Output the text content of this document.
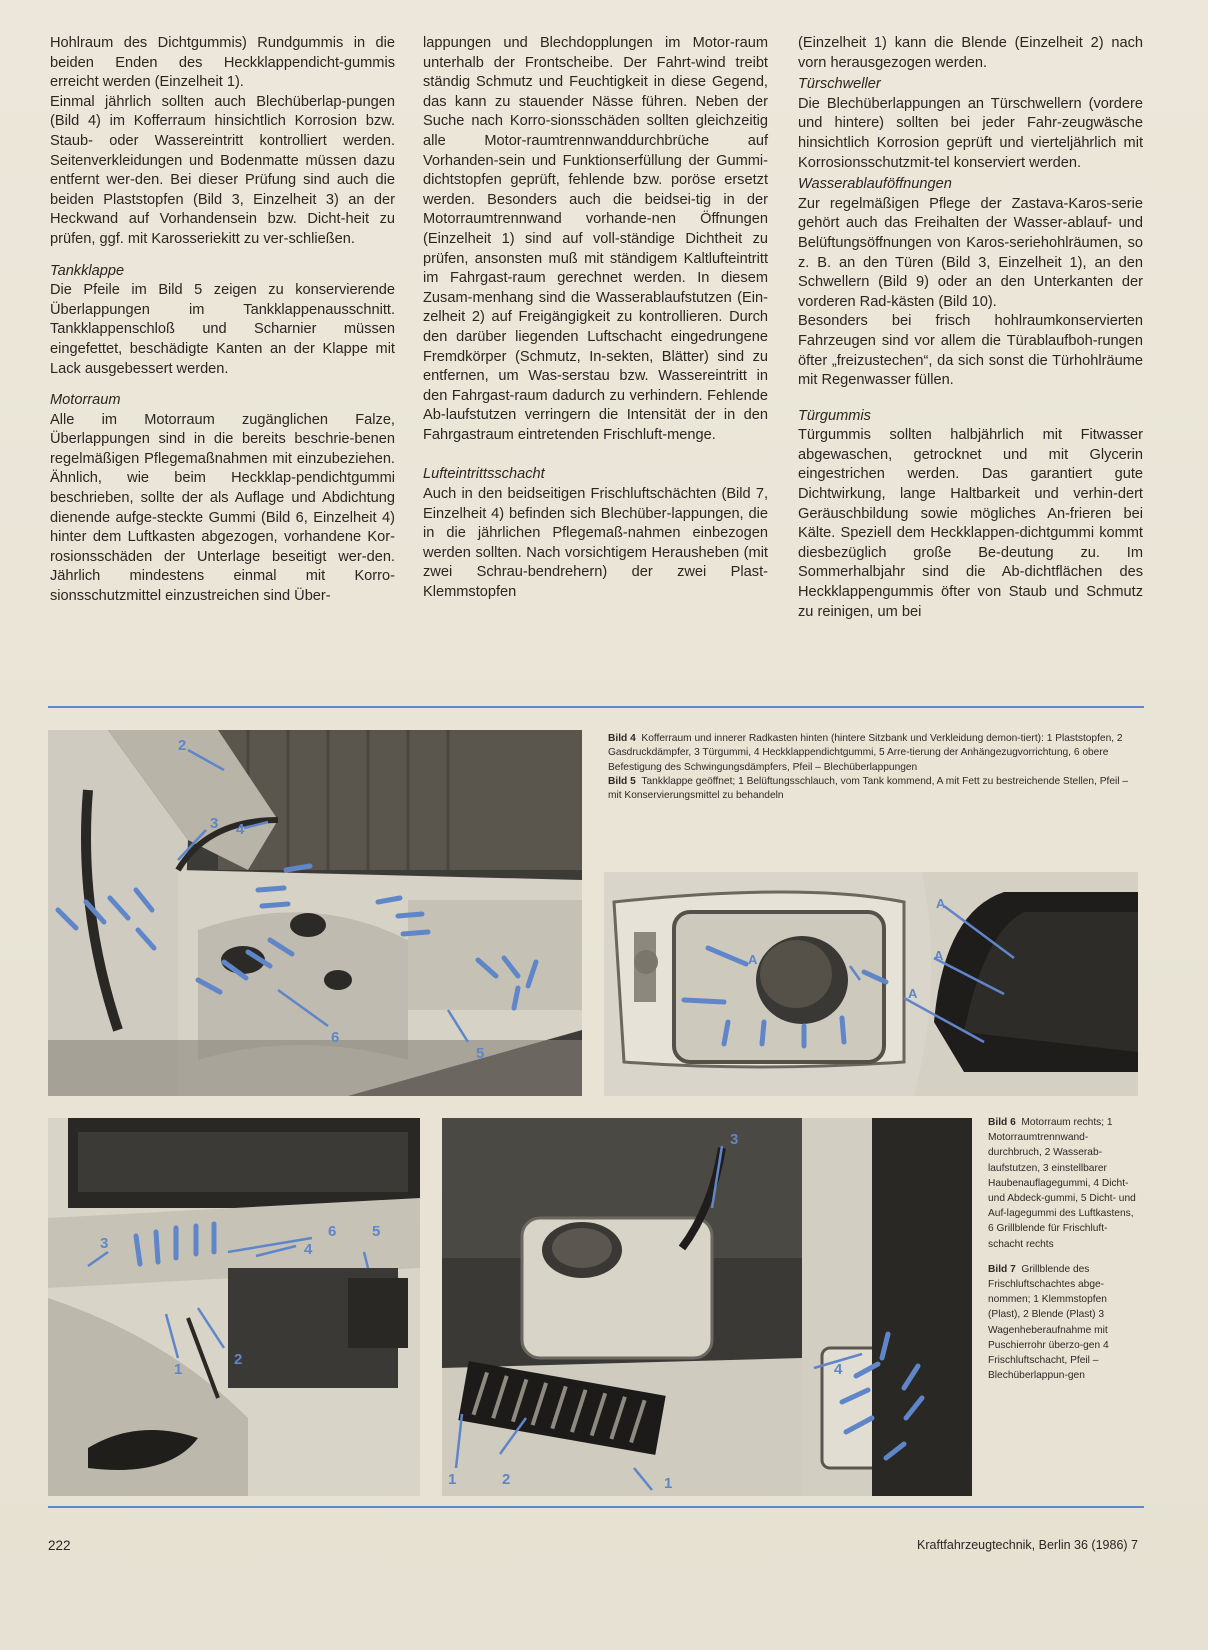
Hohlraum des Dichtgummis) Rundgummis in die beiden Enden des Heckklappendicht-gummis erreicht werden (Einzelheit 1).

Einmal jährlich sollten auch Blechüberlap-pungen (Bild 4) im Kofferraum hinsichtlich Korrosion bzw. Staub- oder Wassereintritt kontrolliert werden. Seitenverkleidungen und Bodenmatte müssen dazu entfernt wer-den. Bei dieser Prüfung sind auch die beiden Plaststopfen (Bild 3, Einzelheit 3) an der Heckwand auf Vorhandensein bzw. Dicht-heit zu prüfen, ggf. mit Karosseriekitt zu ver-schließen.

Tankklappe

Die Pfeile im Bild 5 zeigen zu konservierende Überlappungen im Tankklappenausschnitt. Tankklappenschloß und Scharnier müssen eingefettet, beschädigte Kanten an der Klappe mit Lack ausgebessert werden.

Motorraum

Alle im Motorraum zugänglichen Falze, Überlappungen sind in die bereits beschrie-benen regelmäßigen Pflegemaßnahmen mit einzubeziehen. Ähnlich, wie beim Heckklap-pendichtgummi beschrieben, sollte der als Auflage und Abdichtung dienende aufge-steckte Gummi (Bild 6, Einzelheit 4) hinter dem Luftkasten abgezogen, vorhandene Kor-rosionsschäden der Unterlage beseitigt wer-den. Jährlich mindestens einmal mit Korro-sionsschutzmittel einzustreichen sind Über-

lappungen und Blechdopplungen im Motor-raum unterhalb der Frontscheibe. Der Fahrt-wind treibt ständig Schmutz und Feuchtigkeit in diese Gegend, das kann zu stauender Nässe führen. Neben der Suche nach Korro-sionsschäden sollten gleichzeitig alle Motor-raumtrennwanddurchbrüche auf Vorhanden-sein und Funktionserfüllung der Gummi-dichtstopfen geprüft, fehlende bzw. poröse ersetzt werden. Besonders auch die beidsei-tig in der Motorraumtrennwand vorhande-nen Öffnungen (Einzelheit 1) sind auf voll-ständige Dichtheit zu prüfen, ansonsten muß mit ständigem Kaltlufteintritt im Fahrgast-raum gerechnet werden. In diesem Zusam-menhang sind die Wasserablaufstutzen (Ein-zelheit 2) auf Freigängigkeit zu kontrollieren. Durch den darüber liegenden Luftschacht eingedrungene Fremdkörper (Schmutz, In-sekten, Blätter) sind zu entfernen, um Was-serstau bzw. Wassereintritt in den Fahrgast-raum dadurch zu verhindern. Fehlende Ab-laufstutzen verringern die Intensität der in den Fahrgastraum eintretenden Frischluft-menge.

Lufteintrittsschacht

Auch in den beidseitigen Frischluftschächten (Bild 7, Einzelheit 4) befinden sich Blechüber-lappungen, die in die jährlichen Pflegemaß-nahmen einbezogen werden sollten. Nach vorsichtigem Herausheben (mit zwei Schrau-bendrehern) der zwei Plast-Klemmstopfen

(Einzelheit 1) kann die Blende (Einzelheit 2) nach vorn herausgezogen werden.

Türschweller

Die Blechüberlappungen an Türschwellern (vordere und hintere) sollten bei jeder Fahr-zeugwäsche hinsichtlich Korrosion geprüft und vierteljährlich mit Korrosionsschutzmit-tel konserviert werden.

Wasserablauföffnungen

Zur regelmäßigen Pflege der Zastava-Karos-serie gehört auch das Freihalten der Wasser-ablauf- und Belüftungsöffnungen von Karos-seriehohlräumen, so z. B. an den Türen (Bild 3, Einzelheit 1), an den Schwellern (Bild 9) oder an den Unterkanten der vorderen Rad-kästen (Bild 10).

Besonders bei frisch hohlraumkonservierten Fahrzeugen sind vor allem die Türablaufboh-rungen öfter „freizustechen“, da sich sonst die Türhohlräume mit Regenwasser füllen.

Türgummis

Türgummis sollten halbjährlich mit Fitwasser abgewaschen, getrocknet und mit Glycerin eingestrichen werden. Das garantiert gute Dichtwirkung, lange Haltbarkeit und verhin-dert Geräuschbildung sowie mögliches An-frieren bei Kälte. Speziell dem Heckklappen-dichtgummi kommt diesbezüglich große Be-deutung zu. Im Sommerhalbjahr sind die Ab-dichtflächen des Heckklappengummis öfter von Staub und Schmutz zu reinigen, um bei

2
4
3
6
5

Bild 4 Kofferraum und innerer Radkasten hinten (hintere Sitzbank und Verkleidung demon-tiert): 1 Plaststopfen, 2 Gasdruckdämpfer, 3 Türgummi, 4 Heckklappendichtgummi, 5 Arre-tierung der Anhängezugvorrichtung, 6 obere Befestigung des Schwingungsdämpfers, Pfeil – Blechüberlappungen

Bild 5 Tankklappe geöffnet; 1 Belüftungsschlauch, vom Tank kommend, A mit Fett zu bestreichende Stellen, Pfeil – mit Konservierungsmittel zu behandeln

A
A
A
A
3
6 5
4
1
2
3
4
1	2	1

Bild 6 Motorraum rechts; 1 Motorraumtrennwand-durchbruch, 2 Wasserab-laufstutzen, 3 einstellbarer Haubenauflagegummi, 4 Dicht- und Abdeck-gummi, 5 Dicht- und Auf-lagegummi des Luftkastens, 6 Grillblende für Frischluft-schacht rechts

Bild 7 Grillblende des Frischluftschachtes abge-nommen; 1 Klemmstopfen (Plast), 2 Blende (Plast) 3 Wagenheberaufnahme mit Puschierrohr überzo-gen 4 Frischluftschacht, Pfeil – Blechüberlappun-gen

222	Kraftfahrzeugtechnik, Berlin 36 (1986) 7
